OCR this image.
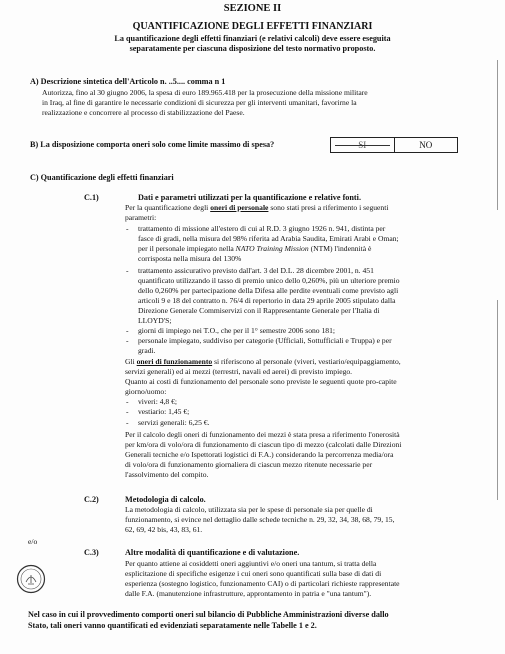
SEZIONE II
QUANTIFICAZIONE DEGLI EFFETTI FINANZIARI
La quantificazione degli effetti finanziari (e relativi calcoli) deve essere eseguita
separatamente per ciascuna disposizione del testo normativo proposto.
A) Descrizione sintetica dell'Articolo n. ..5.... comma n 1
Autorizza, fino al 30 giugno 2006, la spesa di euro 189.965.418 per la prosecuzione della missione militare
in Iraq, al fine di garantire le necessarie condizioni di sicurezza per gli interventi umanitari, favorirne la
realizzazione e concorrere al processo di stabilizzazione del Paese.
B) La disposizione comporta oneri solo come limite massimo di spesa?	SI	NO
C) Quantificazione degli effetti finanziari
C.1)	Dati e parametri utilizzati per la quantificazione e relative fonti.
Per la quantificazione degli oneri di personale sono stati presi a riferimento i seguenti
parametri:
- trattamento di missione all'estero di cui al R.D. 3 giugno 1926 n. 941, distinta per
fasce di gradi, nella misura del 98% riferita ad Arabia Saudita, Emirati Arabi e Oman;
per il personale impiegato nella NATO Training Mission (NTM) l'indennità è
corrisposta nella misura del 130%
- trattamento assicurativo previsto dall'art. 3 del D.L. 28 dicembre 2001, n. 451
quantificato utilizzando il tasso di premio unico dello 0,260%, più un ulteriore premio
dello 0,260% per partecipazione della Difesa alle perdite eventuali come previsto agli
articoli 9 e 18 del contratto n. 76/4 di repertorio in data 29 aprile 2005 stipulato dalla
Direzione Generale Commiservizi con il Rappresentante Generale per l'Italia di
LLOYD'S;
- giorni di impiego nei T.O., che per il 1° semestre 2006 sono 181;
- personale impiegato, suddiviso per categorie (Ufficiali, Sottufficiali e Truppa) e per
gradi.
Gli oneri di funzionamento si riferiscono al personale (viveri, vestiario/equipaggiamento,
servizi generali) ed ai mezzi (terrestri, navali ed aerei) di previsto impiego.
Quanto ai costi di funzionamento del personale sono previste le seguenti quote pro-capite
giorno/uomo:
- viveri: 4,8 €;
- vestiario: 1,45 €;
- servizi generali: 6,25 €.
Per il calcolo degli oneri di funzionamento dei mezzi è stata presa a riferimento l'onerosità
per km/ora di volo/ora di funzionamento di ciascun tipo di mezzo (calcolati dalle Direzioni
Generali tecniche e/o Ispettorati logistici di F.A.) considerando la percorrenza media/ora
di volo/ora di funzionamento giornaliera di ciascun mezzo ritenute necessarie per
l'assolvimento del compito.
C.2)	Metodologia di calcolo.
La metodologia di calcolo, utilizzata sia per le spese di personale sia per quelle di
funzionamento, si evince nel dettaglio dalle schede tecniche n. 29, 32, 34, 38, 68, 79, 15,
62, 69, 42 bis, 43, 83, 61.
e/o
C.3)	Altre modalità di quantificazione e di valutazione.
Per quanto attiene ai cosiddetti oneri aggiuntivi e/o oneri una tantum, si tratta della
esplicitazione di specifiche esigenze i cui oneri sono quantificati sulla base di dati di
esperienza (sostegno logistico, funzionamento CAI) o di particolari richieste rappresentate
dalle F.A. (manutenzione infrastrutture, approntamento in patria e "una tantum").
Nel caso in cui il provvedimento comporti oneri sul bilancio di Pubbliche Amministrazioni diverse dallo
Stato, tali oneri vanno quantificati ed evidenziati separatamente nelle Tabelle 1 e 2.
